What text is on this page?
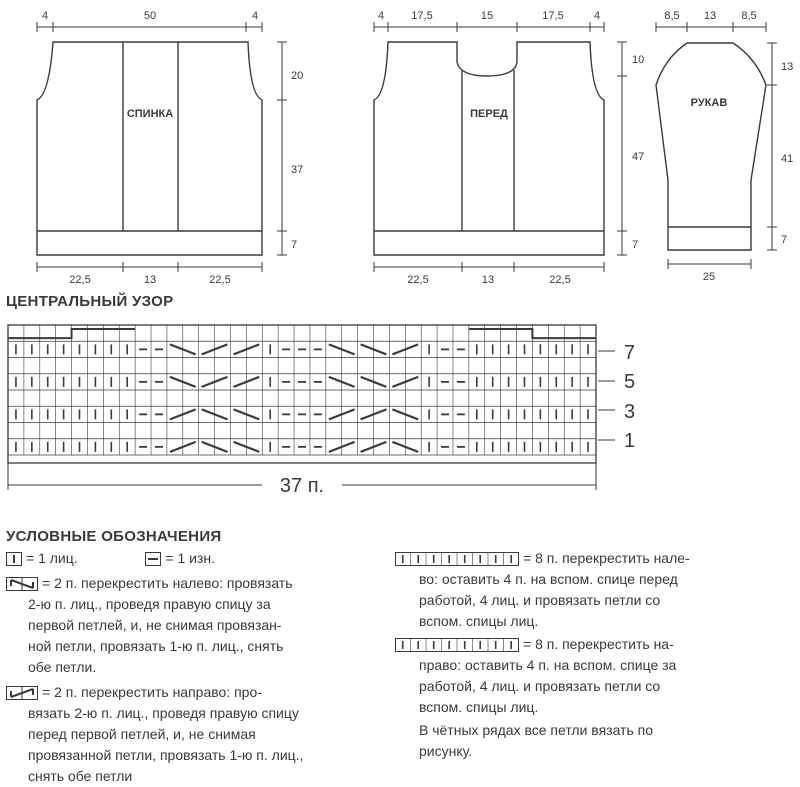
СПИНКА
4	50	4
20
37
7
22,5	13	22,5
ПЕРЕД
4 17,5	15	17,5	4
10
47
7
22,5	13	22,5
РУКАВ
8,5 13 8,5
13
41
7
25
ЦЕНТРАЛЬНЫЙ УЗОР
7
5
3
1
37 п.
УСЛОВНЫЕ ОБОЗНАЧЕНИЯ
= 1 лиц.	= 1 изн.
= 2 п. перекрестить налево: провязать
2-ю п. лиц., проведя правую спицу за
первой петлей, и, не снимая провязан-
ной петли, провязать 1-ю п. лиц., снять
обе петли.
= 2 п. перекрестить направо: про-
вязать 2-ю п. лиц., проведя правую спицу
перед первой петлей, и, не снимая
провязанной петли, провязать 1-ю п. лиц.,
снять обе петли
= 8 п. перекрестить нале-
во: оставить 4 п. на вспом. спице перед
работой, 4 лиц. и провязать петли со
вспом. спицы лиц.
= 8 п. перекрестить на-
право: оставить 4 п. на вспом. спице за
работой, 4 лиц. и провязать петли со
вспом. спицы лиц.
В чётных рядах все петли вязать по
рисунку.
